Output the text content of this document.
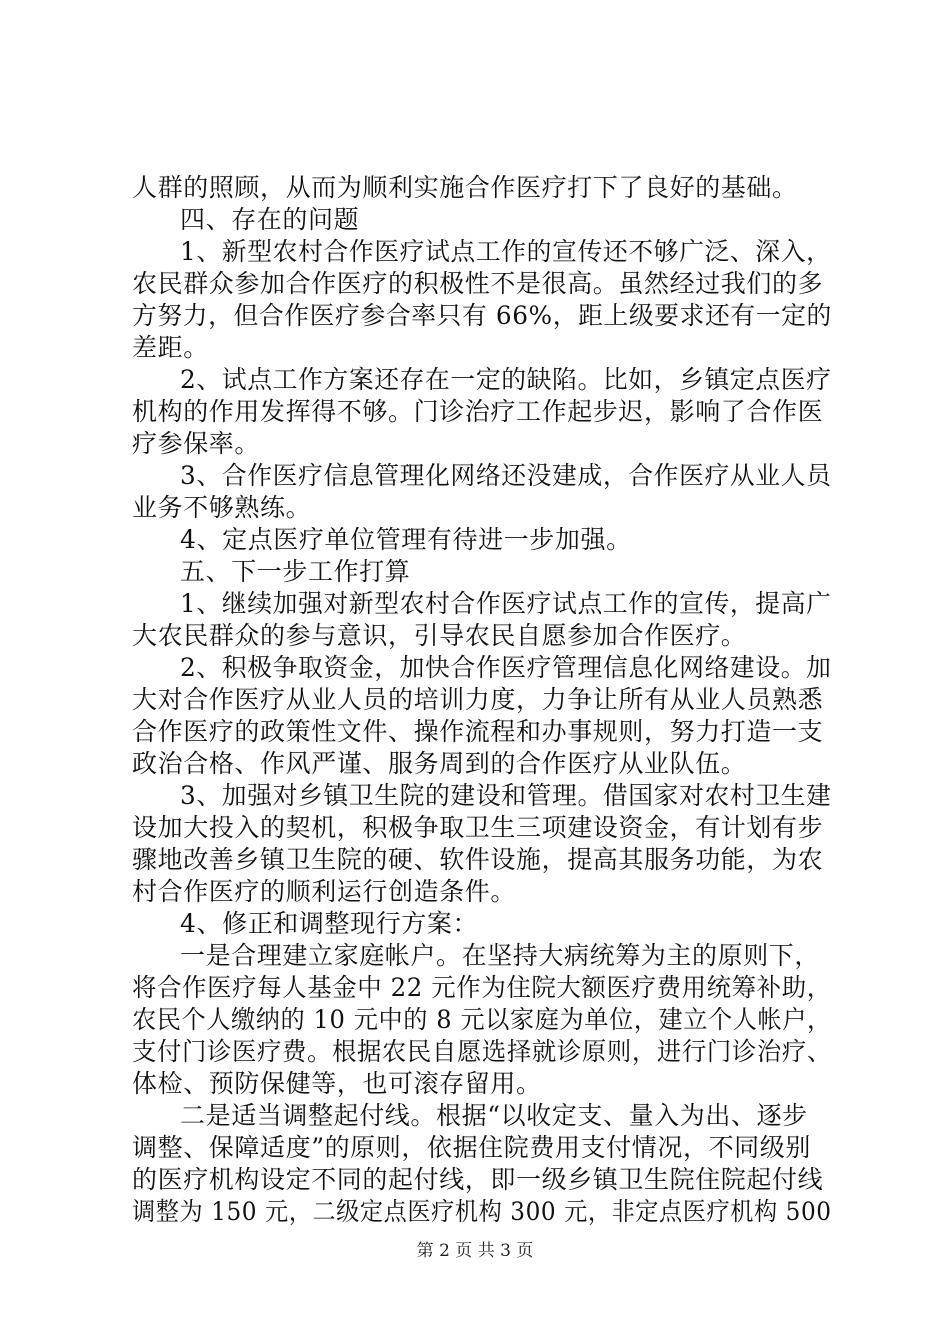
人群的照顾，从而为顺利实施合作医疗打下了良好的基础。
四、存在的问题
1、新型农村合作医疗试点工作的宣传还不够广泛、深入，
农民群众参加合作医疗的积极性不是很高。虽然经过我们的多
方努力，但合作医疗参合率只有 66%，距上级要求还有一定的
差距。
2、试点工作方案还存在一定的缺陷。比如，乡镇定点医疗
机构的作用发挥得不够。门诊治疗工作起步迟，影响了合作医
疗参保率。
3、合作医疗信息管理化网络还没建成，合作医疗从业人员
业务不够熟练。
4、定点医疗单位管理有待进一步加强。
五、下一步工作打算
1、继续加强对新型农村合作医疗试点工作的宣传，提高广
大农民群众的参与意识，引导农民自愿参加合作医疗。
2、积极争取资金，加快合作医疗管理信息化网络建设。加
大对合作医疗从业人员的培训力度，力争让所有从业人员熟悉
合作医疗的政策性文件、操作流程和办事规则，努力打造一支
政治合格、作风严谨、服务周到的合作医疗从业队伍。
3、加强对乡镇卫生院的建设和管理。借国家对农村卫生建
设加大投入的契机，积极争取卫生三项建设资金，有计划有步
骤地改善乡镇卫生院的硬、软件设施，提高其服务功能，为农
村合作医疗的顺利运行创造条件。
4、修正和调整现行方案：
一是合理建立家庭帐户。在坚持大病统筹为主的原则下，
将合作医疗每人基金中 22 元作为住院大额医疗费用统筹补助，
农民个人缴纳的 10 元中的 8 元以家庭为单位，建立个人帐户，
支付门诊医疗费。根据农民自愿选择就诊原则，进行门诊治疗、
体检、预防保健等，也可滚存留用。
二是适当调整起付线。根据“以收定支、量入为出、逐步
调整、保障适度”的原则，依据住院费用支付情况，不同级别
的医疗机构设定不同的起付线，即一级乡镇卫生院住院起付线
调整为 150 元，二级定点医疗机构 300 元，非定点医疗机构 500
第 2 页 共 3 页
